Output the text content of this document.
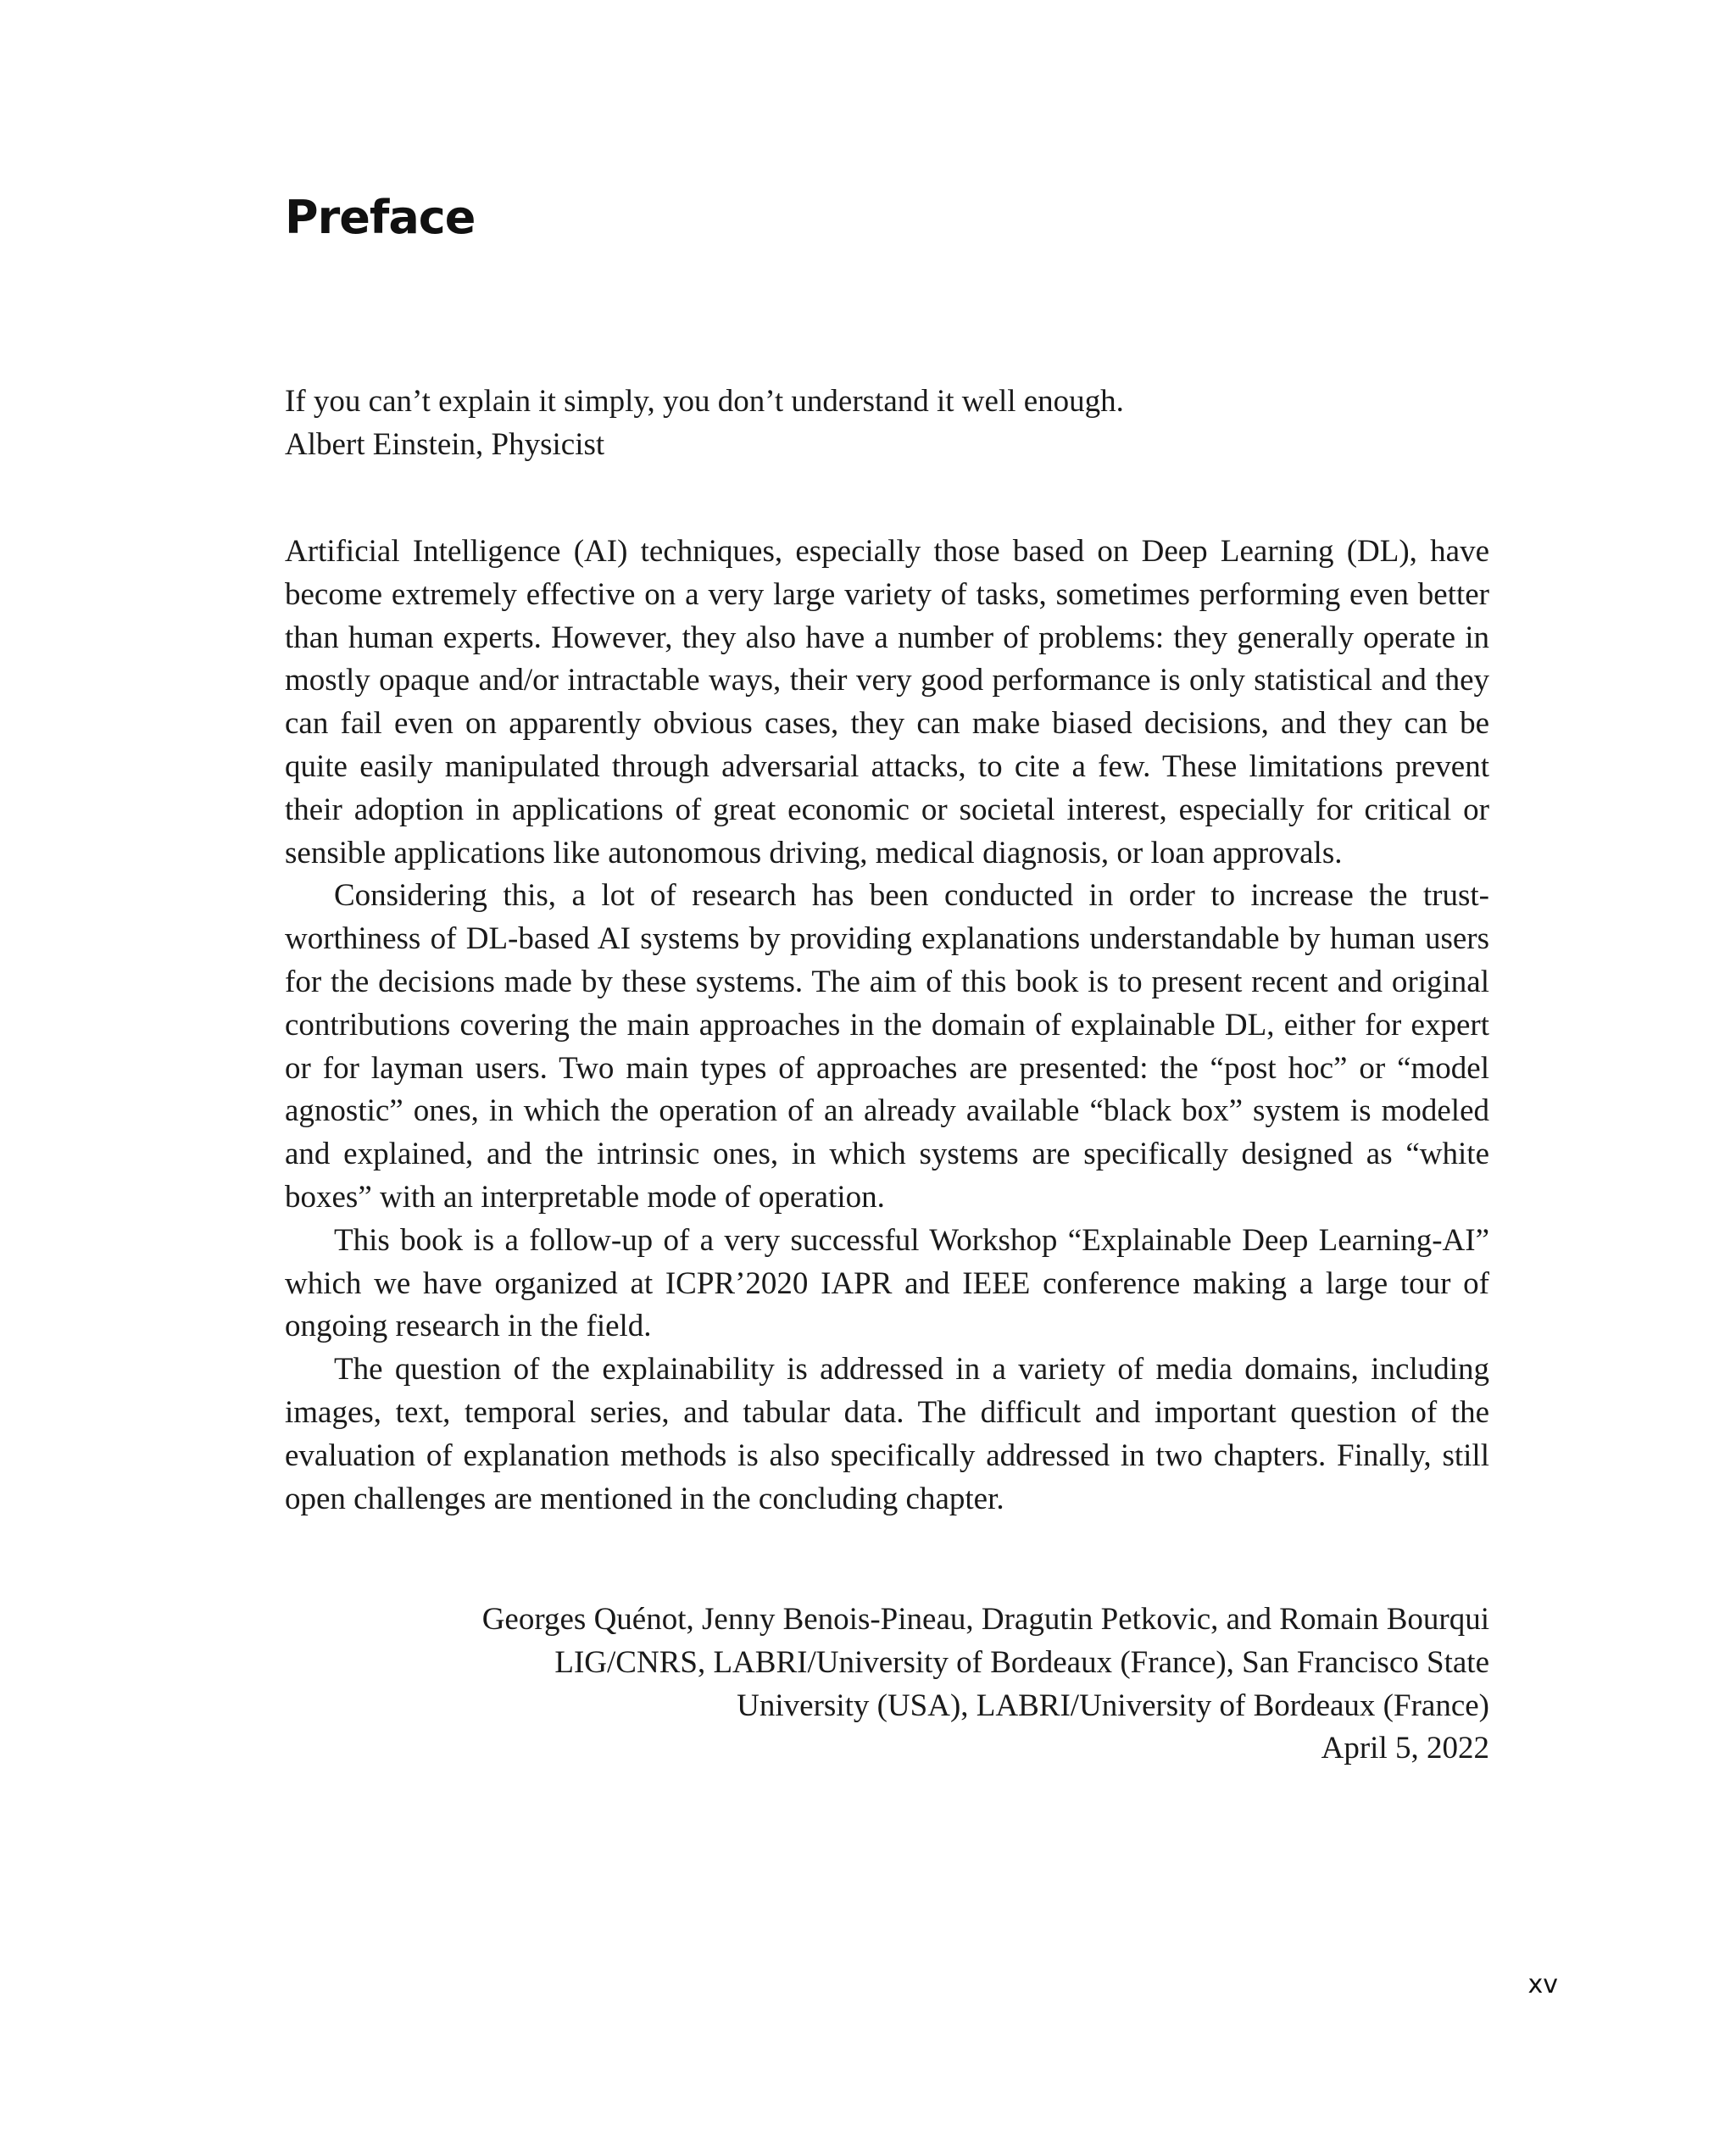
Preface
If you can’t explain it simply, you don’t understand it well enough.
Albert Einstein, Physicist

Artificial Intelligence (AI) techniques, especially those based on Deep Learning (DL), have become extremely effective on a very large variety of tasks, sometimes performing even better than human experts. However, they also have a number of problems: they generally operate in mostly opaque and/or intractable ways, their very good performance is only statistical and they can fail even on apparently obvious cases, they can make biased decisions, and they can be quite easily manipulated through adversarial attacks, to cite a few. These limitations prevent their adoption in applications of great economic or societal interest, especially for critical or sensible applications like autonomous driving, medical diagnosis, or loan approvals.

Considering this, a lot of research has been conducted in order to increase the trustworthiness of DL-based AI systems by providing explanations understandable by human users for the decisions made by these systems. The aim of this book is to present recent and original contributions covering the main approaches in the domain of explainable DL, either for expert or for layman users. Two main types of approaches are presented: the “post hoc” or “model agnostic” ones, in which the operation of an already available “black box” system is modeled and explained, and the intrinsic ones, in which systems are specifically designed as “white boxes” with an interpretable mode of operation.

This book is a follow-up of a very successful Workshop “Explainable Deep Learning-AI” which we have organized at ICPR’2020 IAPR and IEEE conference making a large tour of ongoing research in the field.

The question of the explainability is addressed in a variety of media domains, including images, text, temporal series, and tabular data. The difficult and important question of the evaluation of explanation methods is also specifically addressed in two chapters. Finally, still open challenges are mentioned in the concluding chapter.

Georges Quénot, Jenny Benois-Pineau, Dragutin Petkovic, and Romain Bourqui
LIG/CNRS, LABRI/University of Bordeaux (France), San Francisco State
University (USA), LABRI/University of Bordeaux (France)
April 5, 2022
xv
